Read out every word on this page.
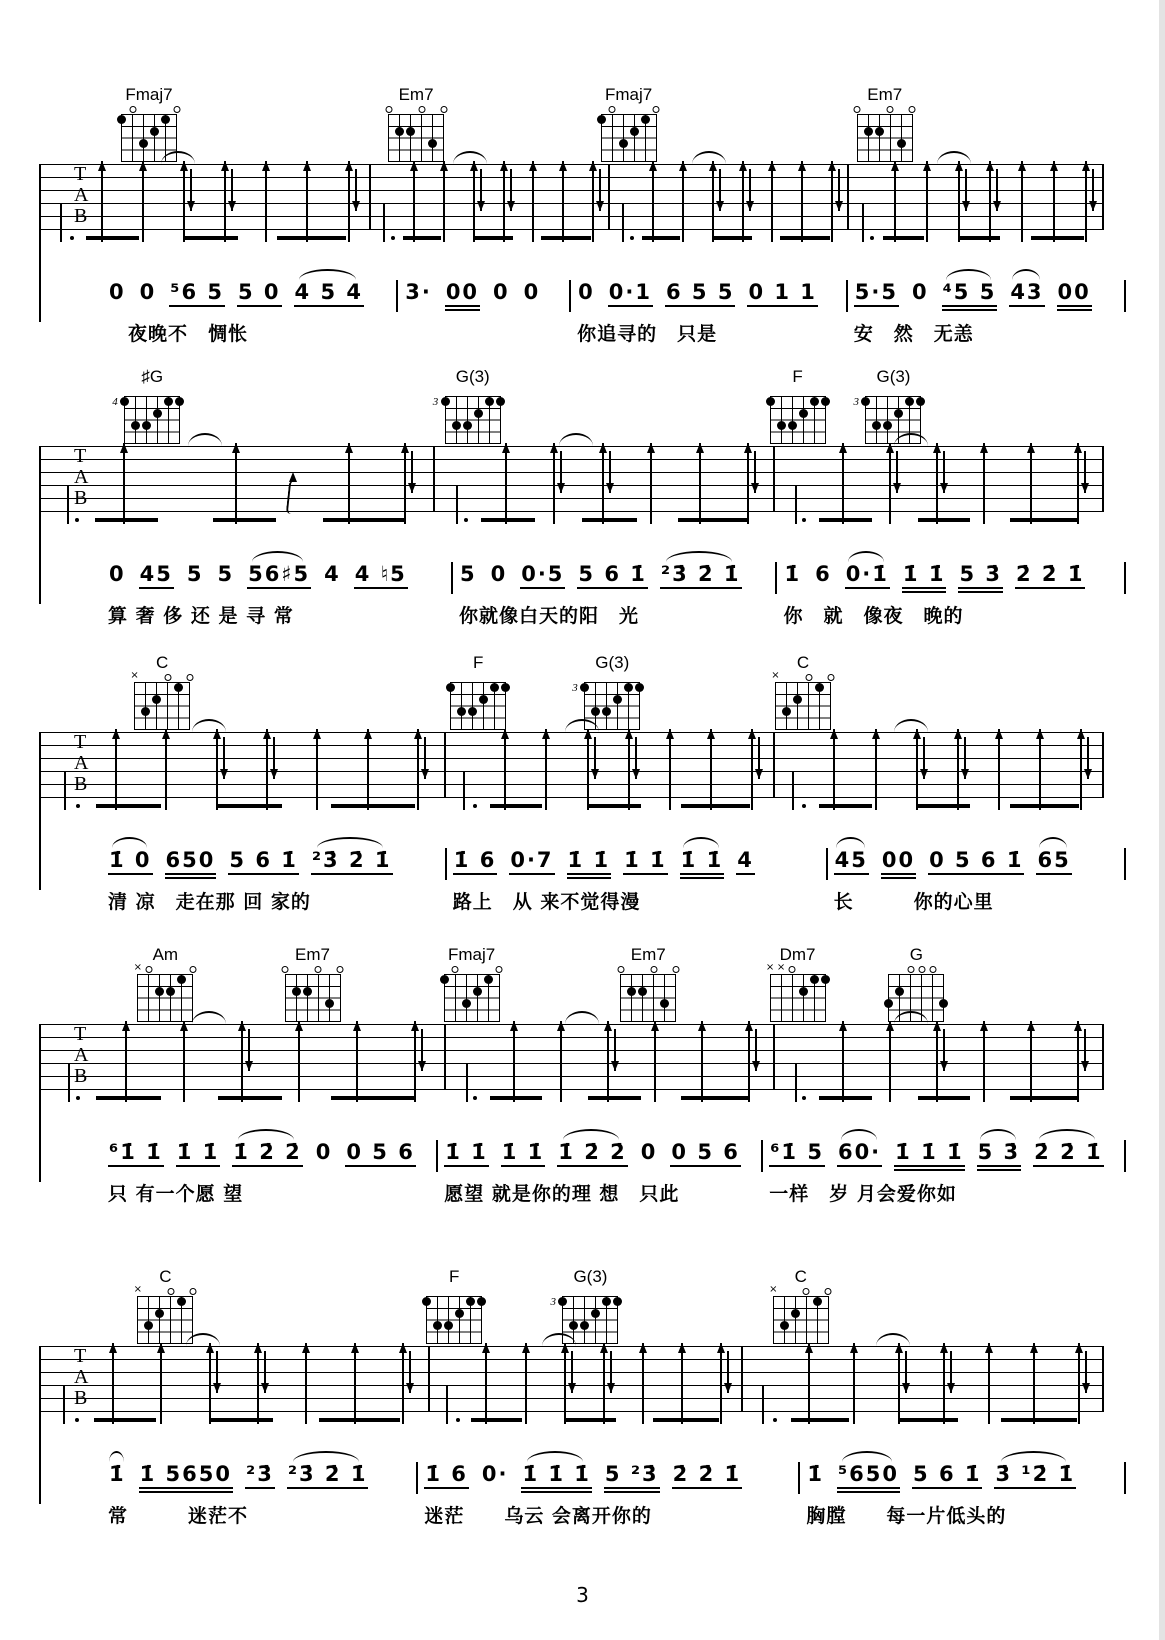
Fmaj7	Em7	Fmaj7	Em7
T
A
B
0 0 ⁵6 5 5 0 4 5 4
　夜晚不　惆怅
3· 00 0 0
0 0·1 6 5 5 0 1 1
你追寻的　只是
5·5 0 ⁴5 5 43 00
安　然　无恙
♯G
4
G(3)
3
F	G(3)
3
T
A
B
0 45 5 5 56♯5 4 4 ♮5
算 奢 侈 还 是 寻 常
5 0 0·5 5 6 1̇ ²3̇ 2̇ 1̇
你就像白天的阳　光
1̇ 6 0·1̇ 1̇ 1̇ 5 3̇ 2̇ 2̇ 1̇
你　就　像夜　晚的
C
×
F	G(3)
3
C
×
T
A
B
1̇ 0 650 5 6 1̇ ²3̇ 2̇ 1̇
清 凉　走在那 回 家的
1̇ 6 0·7 1̇ 1̇ 1̇ 1̇ 1̇ 1̇ 4
路上　从 来不觉得漫
45 00 0 5 6 1̇ 65
长　　　你的心里
Am
×
Em7	Fmaj7	Em7	Dm7
× ×
G
T
A
B
⁶1̇ 1̇ 1̇ 1̇ 1̇ 2̇ 2̇ 0 0 5 6
只 有一个愿 望
1̇ 1̇ 1̇ 1̇ 1̇ 2̇ 2̇ 0 0 5 6
愿望 就是你的理 想　只此
⁶1̇ 5 60· 1̇ 1̇ 1̇ 5 3̇ 2̇ 2̇ 1̇
一样　岁 月会爱你如
C
×
F	G(3)
3
C
×
T
A
B
1̇ 1̇ 5650 ²3̇ ²3̇ 2̇ 1̇
常　　　迷茫不
1̇ 6 0· 1̇ 1̇ 1̇ 5 ²3̇ 2̇ 2̇ 1̇
迷茫　　乌云 会离开你的
1̇ ⁵650 5 6 1̇ 3̇ ¹2̇ 1̇
胸膛　　每一片低头的
3
